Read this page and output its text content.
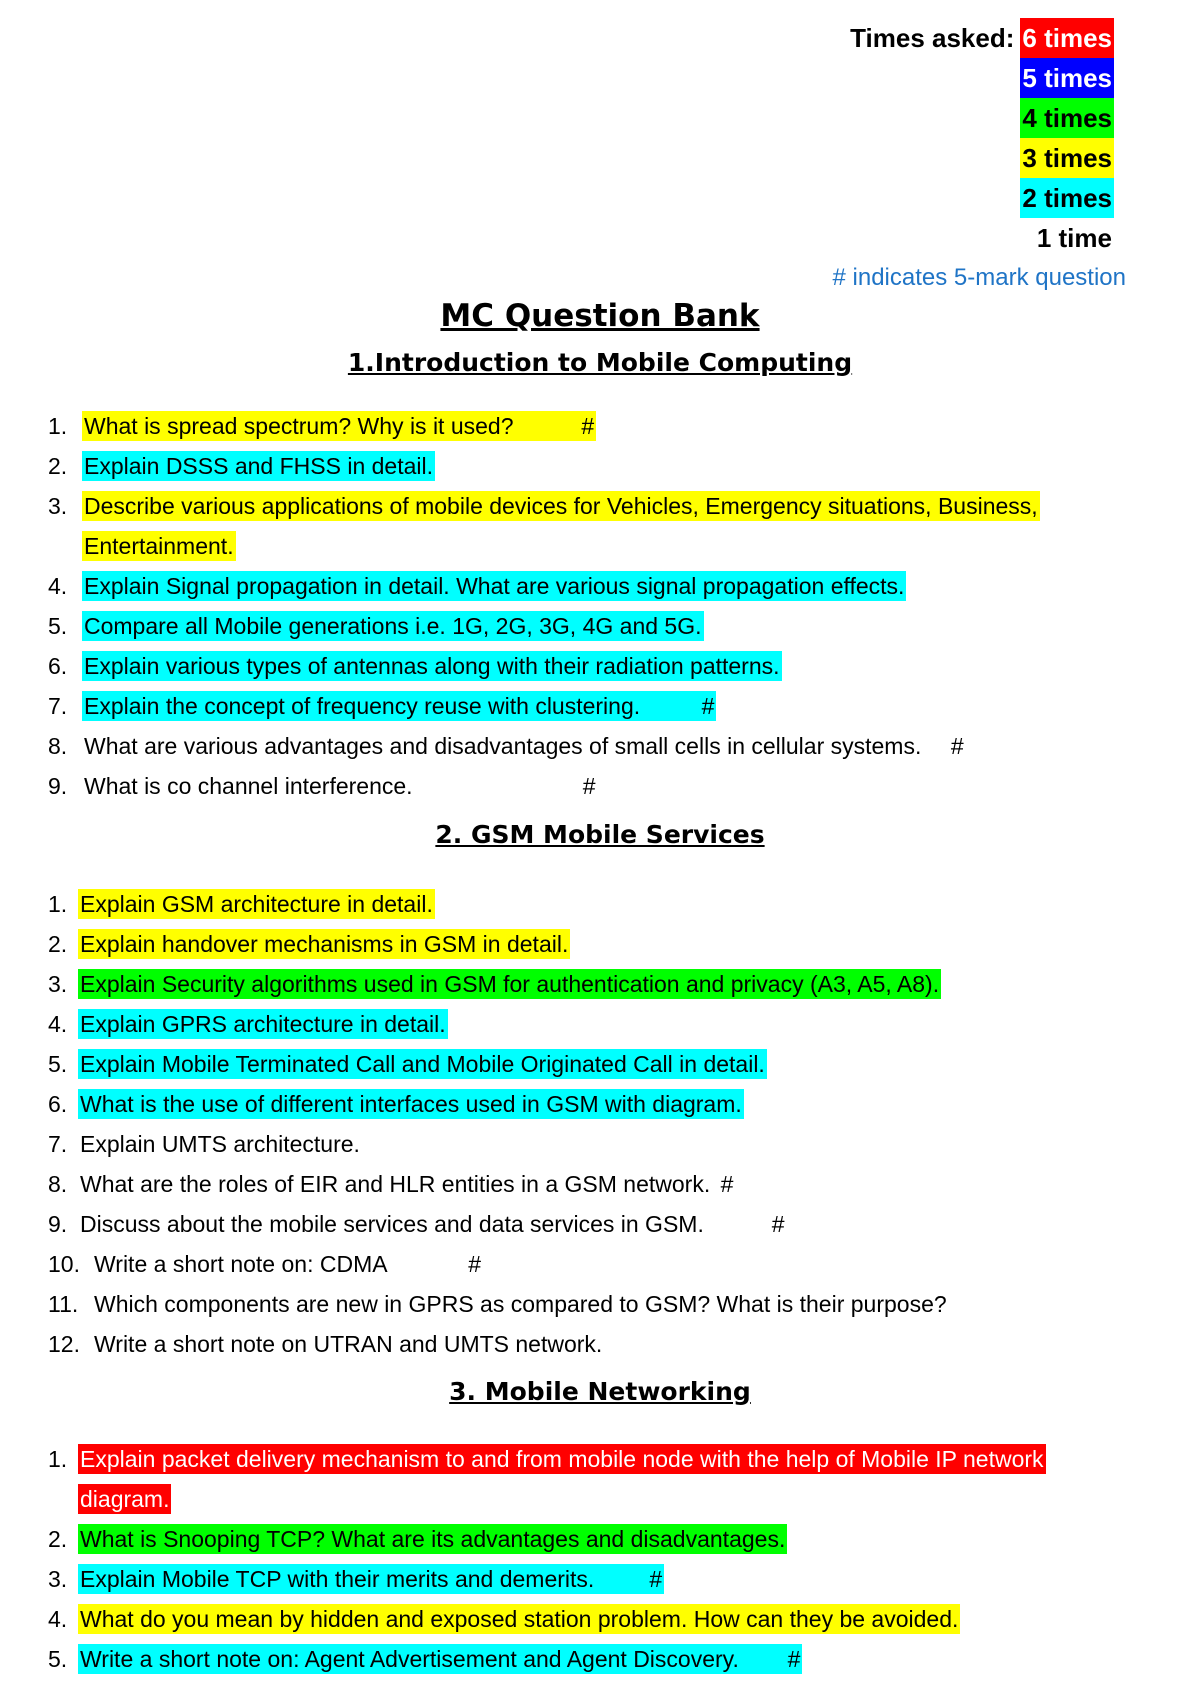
Times asked: 6 times
5 times
4 times
3 times
2 times
1 time
# indicates 5-mark question
MC Question Bank
1.Introduction to Mobile Computing
1. What is spread spectrum? Why is it used?          #
2. Explain DSSS and FHSS in detail.
3. Describe various applications of mobile devices for Vehicles, Emergency situations, Business, Entertainment.
4. Explain Signal propagation in detail. What are various signal propagation effects.
5. Compare all Mobile generations i.e. 1G, 2G, 3G, 4G and 5G.
6. Explain various types of antennas along with their radiation patterns.
7. Explain the concept of frequency reuse with clustering.         #
8. What are various advantages and disadvantages of small cells in cellular systems.    #
9. What is co channel interference.                          #
2. GSM Mobile Services
1. Explain GSM architecture in detail.
2. Explain handover mechanisms in GSM in detail.
3. Explain Security algorithms used in GSM for authentication and privacy (A3, A5, A8).
4. Explain GPRS architecture in detail.
5. Explain Mobile Terminated Call and Mobile Originated Call in detail.
6. What is the use of different interfaces used in GSM with diagram.
7. Explain UMTS architecture.
8. What are the roles of EIR and HLR entities in a GSM network. #
9. Discuss about the mobile services and data services in GSM.          #
10. Write a short note on: CDMA            #
11. Which components are new in GPRS as compared to GSM? What is their purpose?
12. Write a short note on UTRAN and UMTS network.
3. Mobile Networking
1. Explain packet delivery mechanism to and from mobile node with the help of Mobile IP network diagram.
2. What is Snooping TCP? What are its advantages and disadvantages.
3. Explain Mobile TCP with their merits and demerits.        #
4. What do you mean by hidden and exposed station problem. How can they be avoided.
5. Write a short note on: Agent Advertisement and Agent Discovery.       #
